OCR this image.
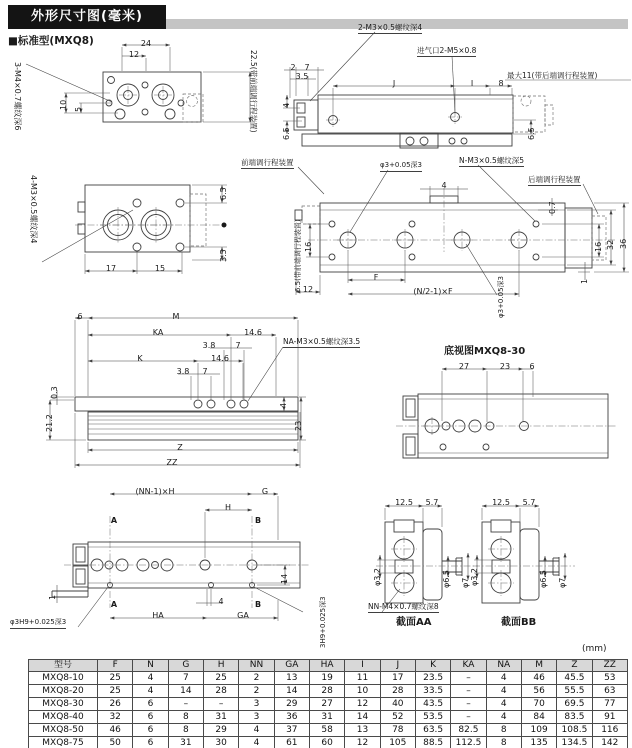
外形尺寸图(毫米)
■标准型(MXQ8)
(mm)
24
12
3-M4×0.7螺纹深6	10 5	22.5(带前端调行程装置)
2-M3×0.5螺纹深4
进气口2-M5×0.8
2 7
3.5
4
6.5
J	I	8
最大11(带后端调行程装置)
6.5
前端调行程装置	φ3+0.05深3	N-M3×0.5螺纹深5
后端调行程装置
4
0.7
6.5(带前端调行程装置) 16	16 32 36
1
F
12	(N/2-1)×F	φ3+0.05深3
4-M3×0.5螺纹深4
17	15
6.5
3.5
6	M
KA	14.6
3.8	7
K	14.6
3.8 7
NA-M3×0.5螺纹深3.5
0.3
21.2
4
23
Z
ZZ
底视图MXQ8-30
27	23 6
(NN-1)×H	G
H
A	B
A	B
1
14
4
HA	GA
φ3H9+0.025深3	3H9+0.025深3
12.5 5.7
φ3.2	φ6.5 φ7
NN-M4×0.7螺纹深8
截面AA
12.5 5.7
φ3.2	φ6.5 φ7
截面BB
型号	F	N	G	H	NN	GA	HA	I	J	K	KA	NA	M	Z	ZZ
MXQ8-10	25	4	7	25	2	13	19	11	17	23.5	–	4	46	45.5	53
MXQ8-20	25	4	14	28	2	14	28	10	28	33.5	–	4	56	55.5	63
MXQ8-30	26	6	–	–	3	29	27	12	40	43.5	–	4	70	69.5	77
MXQ8-40	32	6	8	31	3	36	31	14	52	53.5	–	4	84	83.5	91
MXQ8-50	46	6	8	29	4	37	58	13	78	63.5	82.5	8	109	108.5	116
MXQ8-75	50	6	31	30	4	61	60	12	105	88.5	112.5	8	135	134.5	142
